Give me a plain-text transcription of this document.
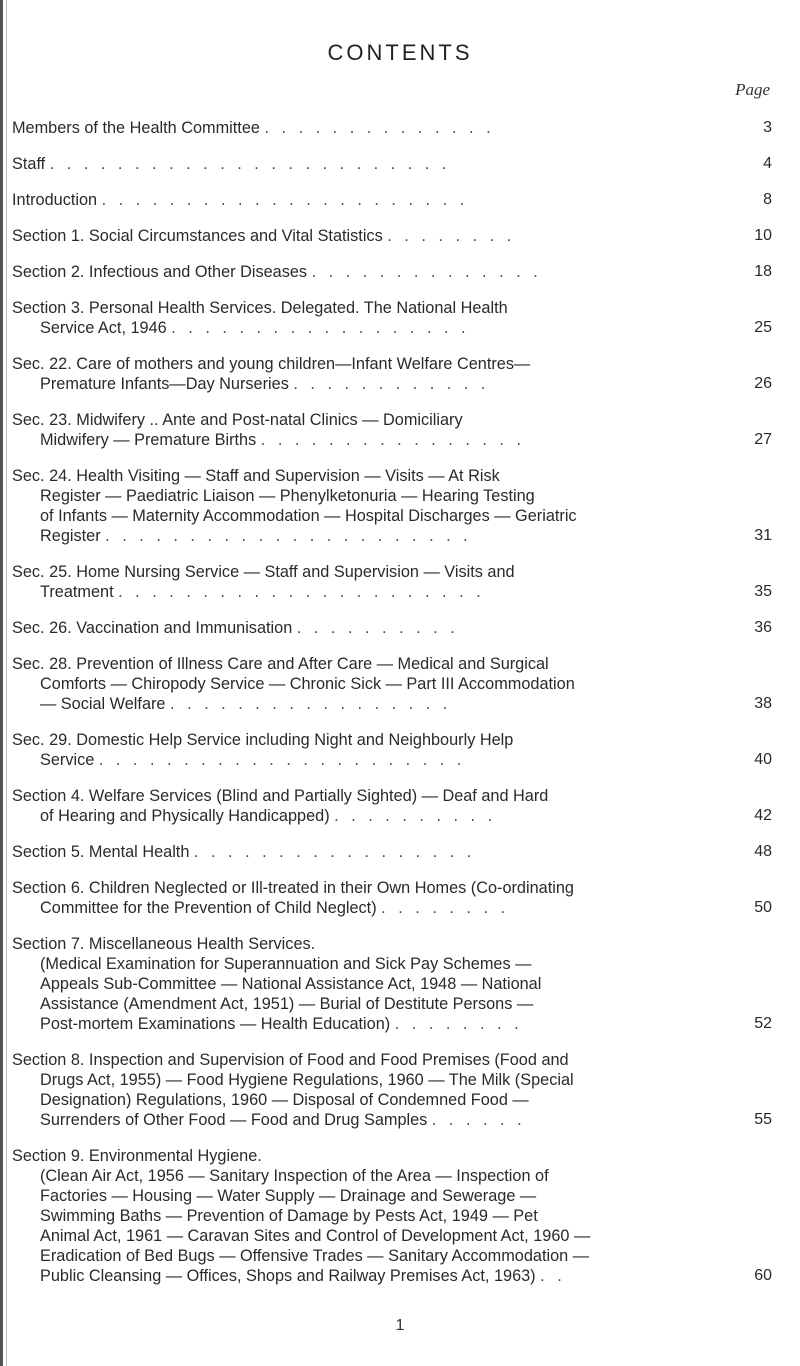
CONTENTS
Page
Members of the Health Committee . . . . . . . . . . . . . .	3
Staff . . . . . . . . . . . . . . . . . . . . . . . .	4
Introduction . . . . . . . . . . . . . . . . . . . . . .	8
Section 1. Social Circumstances and Vital Statistics . . . . . . . .	10
Section 2. Infectious and Other Diseases . . . . . . . . . . . . . .	18
Section 3. Personal Health Services. Delegated. The National Health
Service Act, 1946 . . . . . . . . . . . . . . . . . .	25
Sec. 22. Care of mothers and young children—Infant Welfare Centres—
Premature Infants—Day Nurseries . . . . . . . . . . . .	26
Sec. 23. Midwifery .. Ante and Post-natal Clinics — Domiciliary
Midwifery — Premature Births . . . . . . . . . . . . . . . .	27
Sec. 24. Health Visiting — Staff and Supervision — Visits — At Risk
Register — Paediatric Liaison — Phenylketonuria — Hearing Testing
of Infants — Maternity Accommodation — Hospital Discharges — Geriatric
Register . . . . . . . . . . . . . . . . . . . . . .	31
Sec. 25. Home Nursing Service — Staff and Supervision — Visits and
Treatment . . . . . . . . . . . . . . . . . . . . . .	35
Sec. 26. Vaccination and Immunisation . . . . . . . . . .	36
Sec. 28. Prevention of Illness Care and After Care — Medical and Surgical
Comforts — Chiropody Service — Chronic Sick — Part III Accommodation
— Social Welfare . . . . . . . . . . . . . . . . .	38
Sec. 29. Domestic Help Service including Night and Neighbourly Help
Service . . . . . . . . . . . . . . . . . . . . . .	40
Section 4. Welfare Services (Blind and Partially Sighted) — Deaf and Hard
of Hearing and Physically Handicapped) . . . . . . . . . .	42
Section 5. Mental Health . . . . . . . . . . . . . . . . .	48
Section 6. Children Neglected or Ill-treated in their Own Homes (Co-ordinating
Committee for the Prevention of Child Neglect) . . . . . . . .	50
Section 7. Miscellaneous Health Services.
(Medical Examination for Superannuation and Sick Pay Schemes —
Appeals Sub-Committee — National Assistance Act, 1948 — National
Assistance (Amendment Act, 1951) — Burial of Destitute Persons —
Post-mortem Examinations — Health Education) . . . . . . . .	52
Section 8. Inspection and Supervision of Food and Food Premises (Food and
Drugs Act, 1955) — Food Hygiene Regulations, 1960 — The Milk (Special
Designation) Regulations, 1960 — Disposal of Condemned Food —
Surrenders of Other Food — Food and Drug Samples . . . . . .	55
Section 9. Environmental Hygiene.
(Clean Air Act, 1956 — Sanitary Inspection of the Area — Inspection of
Factories — Housing — Water Supply — Drainage and Sewerage —
Swimming Baths — Prevention of Damage by Pests Act, 1949 — Pet
Animal Act, 1961 — Caravan Sites and Control of Development Act, 1960 —
Eradication of Bed Bugs — Offensive Trades — Sanitary Accommodation —
Public Cleansing — Offices, Shops and Railway Premises Act, 1963) . .	60
1
